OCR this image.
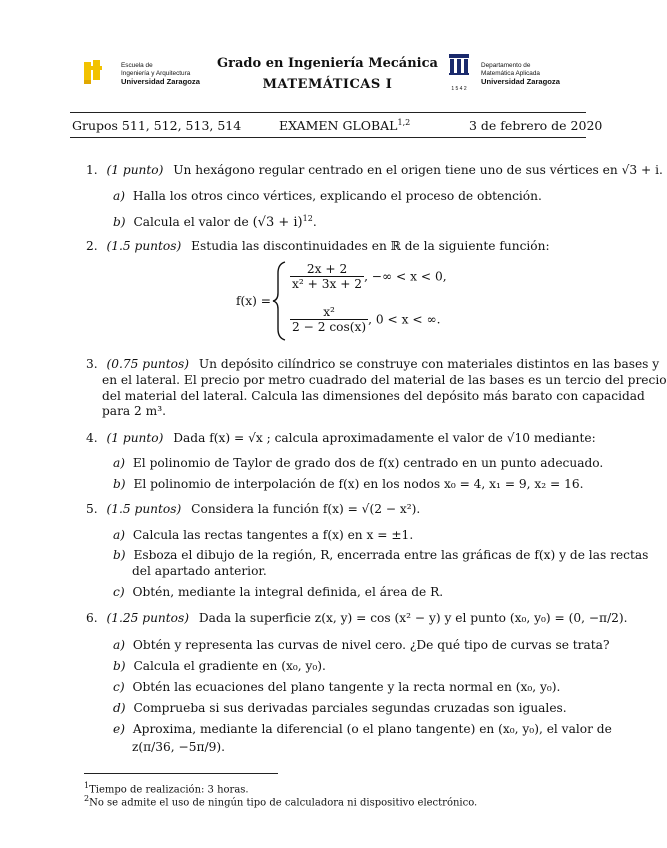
Escuela de
Ingeniería y Arquitectura
Universidad Zaragoza
1 5 4 2
Departamento de
Matemática Aplicada
Universidad Zaragoza
Grado en Ingeniería Mecánica
MATEMÁTICAS I
Grupos 511, 512, 513, 514	EXAMEN GLOBAL$^{1,2}$	3 de febrero de 2020
1. (1 punto) Un hexágono regular centrado en el origen tiene uno de sus vértices en √3 + i.
a) Halla los otros cinco vértices, explicando el proceso de obtención.
b) Calcula el valor de $(√3 + i)^{12}$.
2. (1.5 puntos) Estudia las discontinuidades en ℝ de la siguiente función:
f(x) =
$\frac{2x + 2}{\text{x² + 3x + 2}}$ , −∞ < x < 0,
$\frac{\text{x²}}{2 - 2 \cos(x)}$ , 0 < x < ∞.
3. (0.75 puntos) Un depósito cilíndrico se construye con materiales distintos en las bases y
en el lateral. El precio por metro cuadrado del material de las bases es un tercio del precio
del material del lateral. Calcula las dimensiones del depósito más barato con capacidad
para 2 m³.
4. (1 punto) Dada f(x) = √x ; calcula aproximadamente el valor de √10 mediante:
a) El polinomio de Taylor de grado dos de f(x) centrado en un punto adecuado.
b) El polinomio de interpolación de f(x) en los nodos x₀ = 4, x₁ = 9, x₂ = 16.
5. (1.5 puntos) Considera la función f(x) = √(2 − x²).
a) Calcula las rectas tangentes a f(x) en x = ±1.
b) Esboza el dibujo de la región, R, encerrada entre las gráficas de f(x) y de las rectas
del apartado anterior.
c) Obtén, mediante la integral definida, el área de R.
6. (1.25 puntos) Dada la superficie z(x, y) = cos (x² − y) y el punto (x₀, y₀) = (0, −π/2).
a) Obtén y representa las curvas de nivel cero. ¿De qué tipo de curvas se trata?
b) Calcula el gradiente en (x₀, y₀).
c) Obtén las ecuaciones del plano tangente y la recta normal en (x₀, y₀).
d) Comprueba si sus derivadas parciales segundas cruzadas son iguales.
e) Aproxima, mediante la diferencial (o el plano tangente) en (x₀, y₀), el valor de
z(π/36, −5π/9).
$^1$Tiempo de realización: 3 horas.
$^2$No se admite el uso de ningún tipo de calculadora ni dispositivo electrónico.
